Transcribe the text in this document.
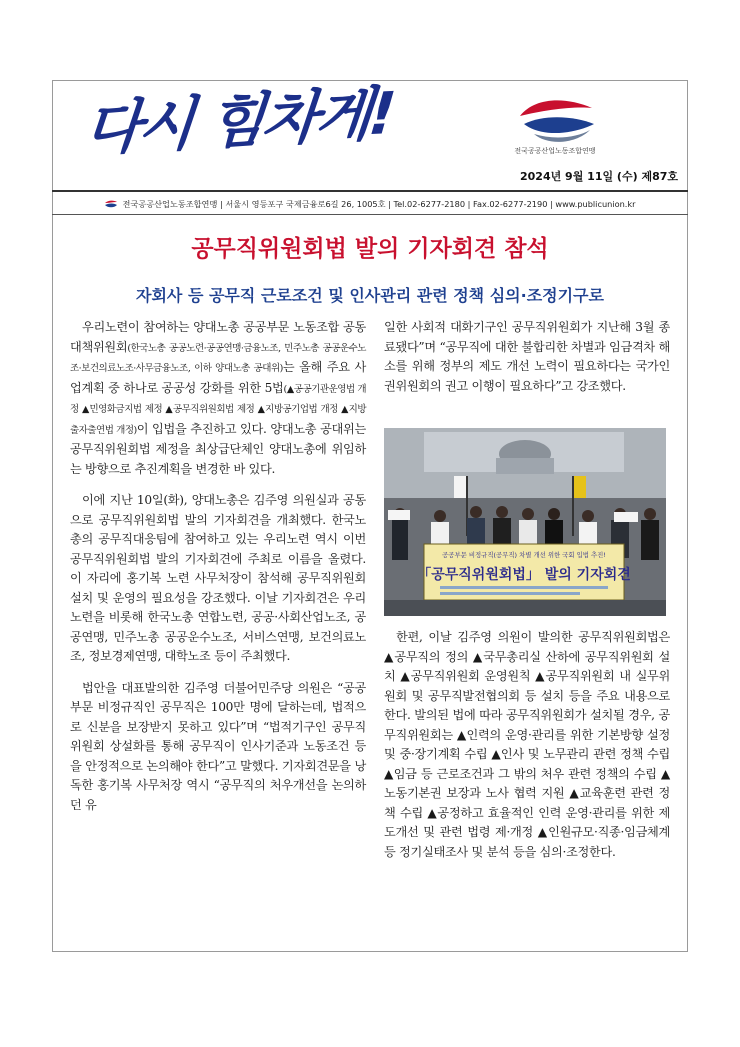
다시 힘차게!	전국공공산업노동조합연맹
2024년 9월 11일 (수) 제87호
전국공공산업노동조합연맹 | 서울시 영등포구 국제금융로6길 26, 1005호 | Tel.02-6277-2180 | Fax.02-6277-2190 | www.publicunion.kr
공무직위원회법 발의 기자회견 참석
자회사 등 공무직 근로조건 및 인사관리 관련 정책 심의·조정기구로

우리노련이 참여하는 양대노총 공공부문 노동조합 공동대책위원회(한국노총 공공노련·공공연맹·금융노조, 민주노총 공공운수노조·보건의료노조·사무금융노조, 이하 양대노총 공대위)는 올해 주요 사업계획 중 하나로 공공성 강화를 위한 5법(▲공공기관운영법 개정 ▲민영화금지법 제정 ▲공무직위원회법 제정 ▲지방공기업법 개정 ▲지방출자출연법 개정)이 입법을 추진하고 있다. 양대노총 공대위는 공무직위원회법 제정을 최상급단체인 양대노총에 위임하는 방향으로 추진계획을 변경한 바 있다.

이에 지난 10일(화), 양대노총은 김주영 의원실과 공동으로 공무직위원회법 발의 기자회견을 개최했다. 한국노총의 공무직대응팀에 참여하고 있는 우리노련 역시 이번 공무직위원회법 발의 기자회견에 주최로 이름을 올렸다. 이 자리에 홍기복 노련 사무처장이 참석해 공무직위원회 설치 및 운영의 필요성을 강조했다. 이날 기자회견은 우리노련을 비롯해 한국노총 연합노련, 공공·사회산업노조, 공공연맹, 민주노총 공공운수노조, 서비스연맹, 보건의료노조, 정보경제연맹, 대학노조 등이 주최했다.

법안을 대표발의한 김주영 더불어민주당 의원은 “공공부문 비정규직인 공무직은 100만 명에 달하는데, 법적으로 신분을 보장받지 못하고 있다”며 “법적기구인 공무직위원회 상설화를 통해 공무직이 인사기준과 노동조건 등을 안정적으로 논의해야 한다”고 말했다. 기자회견문을 낭독한 홍기복 사무처장 역시 “공무직의 처우개선을 논의하던 유

일한 사회적 대화기구인 공무직위원회가 지난해 3월 종료됐다”며 “공무직에 대한 불합리한 차별과 임금격차 해소를 위해 정부의 제도 개선 노력이 필요하다는 국가인권위원회의 권고 이행이 필요하다”고 강조했다.

공공부문 비정규직(공무직) 차별 개선 위한 국회 입법 추진!
「공무직위원회법」 발의 기자회견

한편, 이날 김주영 의원이 발의한 공무직위원회법은 ▲공무직의 정의 ▲국무총리실 산하에 공무직위원회 설치 ▲공무직위원회 운영원칙 ▲공무직위원회 내 실무위원회 및 공무직발전협의회 등 설치 등을 주요 내용으로 한다. 발의된 법에 따라 공무직위원회가 설치될 경우, 공무직위원회는 ▲인력의 운영·관리를 위한 기본방향 설정 및 중·장기계획 수립 ▲인사 및 노무관리 관련 정책 수립 ▲임금 등 근로조건과 그 밖의 처우 관련 정책의 수립 ▲노동기본권 보장과 노사 협력 지원 ▲교육훈련 관련 정책 수립 ▲공정하고 효율적인 인력 운영·관리를 위한 제도개선 및 관련 법령 제·개정 ▲인원규모·직종·임금체계 등 정기실태조사 및 분석 등을 심의·조정한다.
